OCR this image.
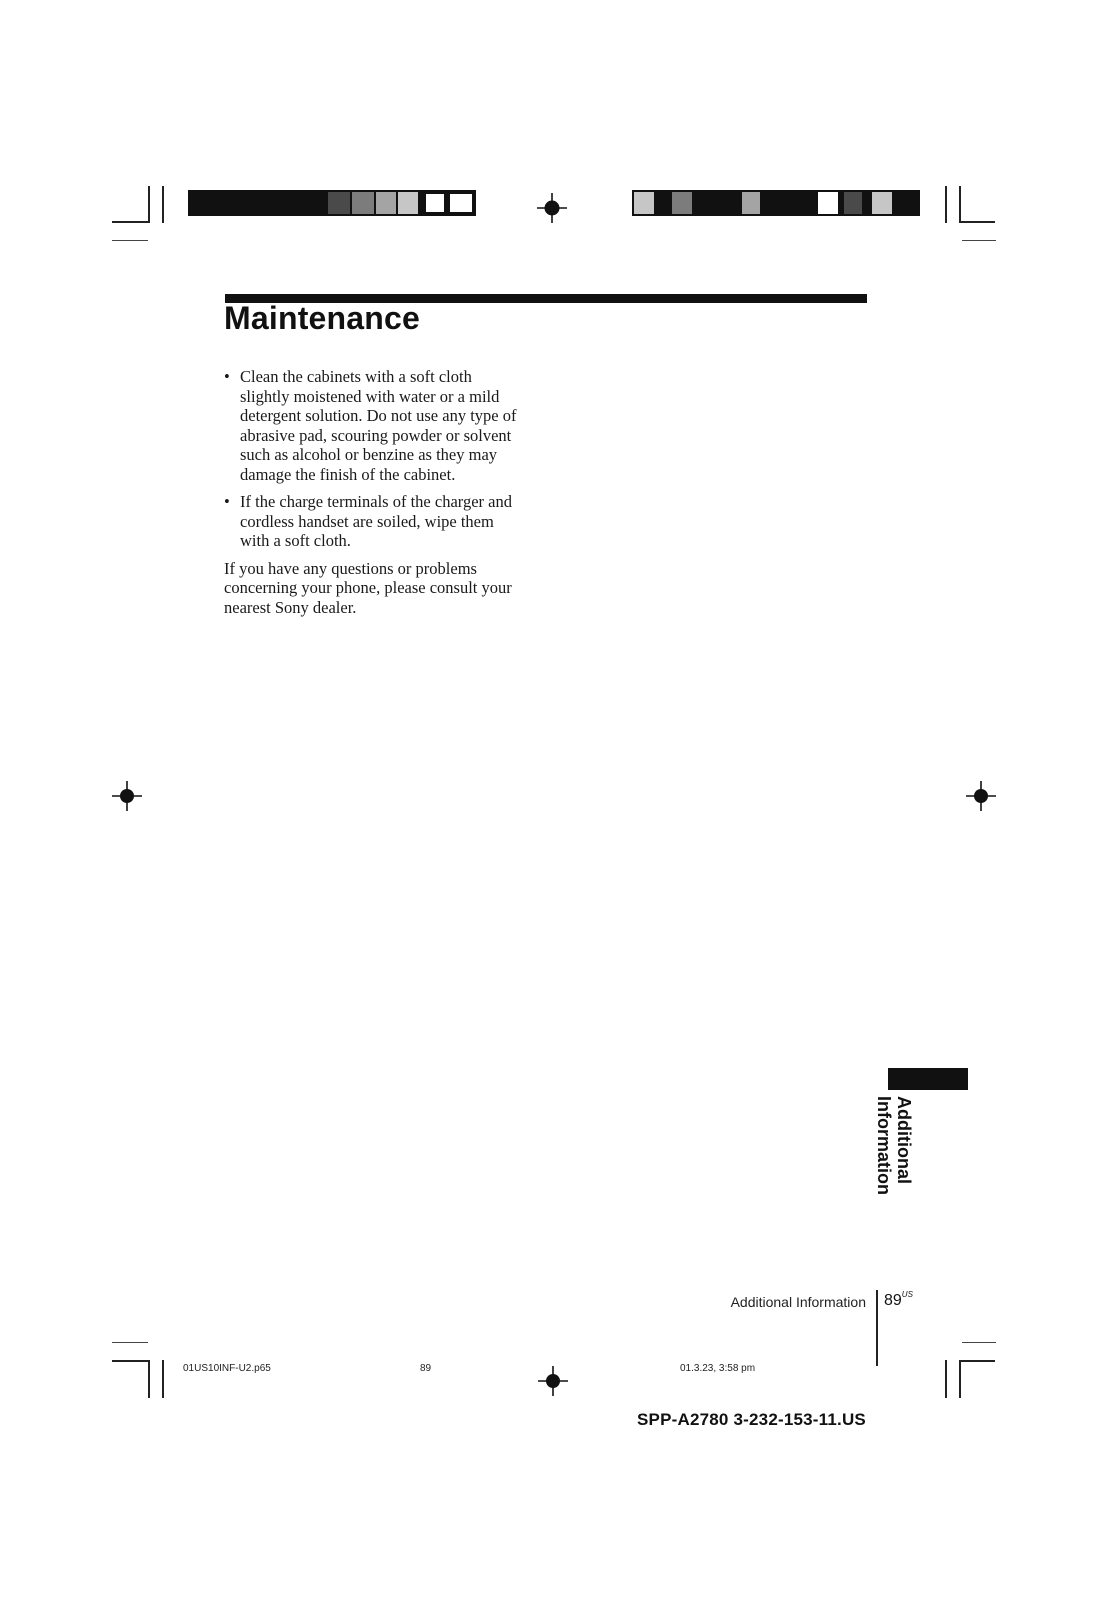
Maintenance
• Clean the cabinets with a soft cloth slightly moistened with water or a mild detergent solution. Do not use any type of abrasive pad, scouring powder or solvent such as alcohol or benzine as they may damage the finish of the cabinet.
• If the charge terminals of the charger and cordless handset are soiled, wipe them with a soft cloth.

If you have any questions or problems concerning your phone, please consult your nearest Sony dealer.

Additional Information
Additional Information $89^{US}$
01US10INF-U2.p65	89	01.3.23, 3:58 pm
SPP-A2780 3-232-153-11.US
